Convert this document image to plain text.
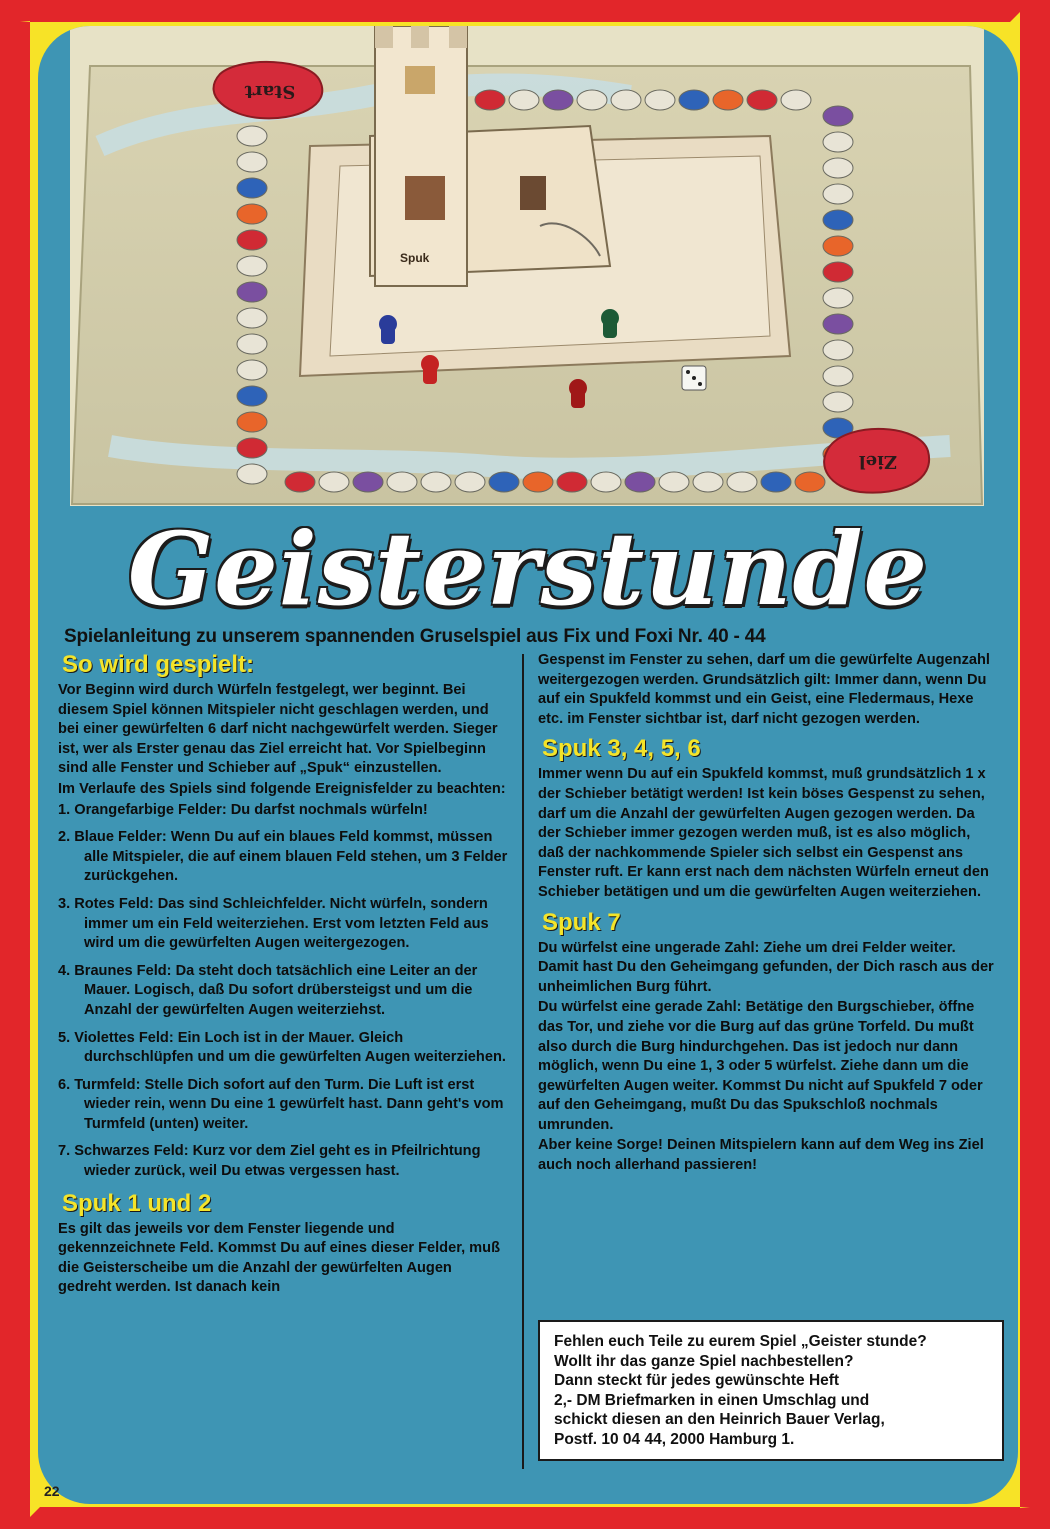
Spuk
Start
Ziel
Geisterstunde
Spielanleitung zu unserem spannenden Gruselspiel aus Fix und Foxi Nr. 40 - 44
So wird gespielt:
Vor Beginn wird durch Würfeln festgelegt, wer beginnt. Bei diesem Spiel können Mitspieler nicht geschlagen werden, und bei einer gewürfelten 6 darf nicht nachgewürfelt werden. Sieger ist, wer als Erster genau das Ziel erreicht hat. Vor Spielbeginn sind alle Fenster und Schieber auf „Spuk“ einzustellen.
Im Verlaufe des Spiels sind folgende Ereignisfelder zu beachten:
1. Orangefarbige Felder: Du darfst nochmals würfeln!
2. Blaue Felder: Wenn Du auf ein blaues Feld kommst, müssen alle Mitspieler, die auf einem blauen Feld stehen, um 3 Felder zurückgehen.
3. Rotes Feld: Das sind Schleichfelder. Nicht würfeln, sondern immer um ein Feld weiterziehen. Erst vom letzten Feld aus wird um die gewürfelten Augen weitergezogen.
4. Braunes Feld: Da steht doch tatsächlich eine Leiter an der Mauer. Logisch, daß Du sofort drübersteigst und um die Anzahl der gewürfelten Augen weiterziehst.
5. Violettes Feld: Ein Loch ist in der Mauer. Gleich durchschlüpfen und um die gewürfelten Augen weiterziehen.
6. Turmfeld: Stelle Dich sofort auf den Turm. Die Luft ist erst wieder rein, wenn Du eine 1 gewürfelt hast. Dann geht's vom Turmfeld (unten) weiter.
7. Schwarzes Feld: Kurz vor dem Ziel geht es in Pfeilrichtung wieder zurück, weil Du etwas vergessen hast.
Spuk 1 und 2
Es gilt das jeweils vor dem Fenster liegende und gekennzeichnete Feld. Kommst Du auf eines dieser Felder, muß die Geisterscheibe um die Anzahl der gewürfelten Augen gedreht werden. Ist danach kein
Gespenst im Fenster zu sehen, darf um die gewürfelte Augenzahl weitergezogen werden. Grundsätzlich gilt: Immer dann, wenn Du auf ein Spukfeld kommst und ein Geist, eine Fledermaus, Hexe etc. im Fenster sichtbar ist, darf nicht gezogen werden.
Spuk 3, 4, 5, 6
Immer wenn Du auf ein Spukfeld kommst, muß grundsätzlich 1 x der Schieber betätigt werden! Ist kein böses Gespenst zu sehen, darf um die Anzahl der gewürfelten Augen gezogen werden. Da der Schieber immer gezogen werden muß, ist es also möglich, daß der nachkommende Spieler sich selbst ein Gespenst ans Fenster ruft. Er kann erst nach dem nächsten Würfeln erneut den Schieber betätigen und um die gewürfelten Augen weiterziehen.
Spuk 7
Du würfelst eine ungerade Zahl: Ziehe um drei Felder weiter. Damit hast Du den Geheimgang gefunden, der Dich rasch aus der unheimlichen Burg führt.
Du würfelst eine gerade Zahl: Betätige den Burgschieber, öffne das Tor, und ziehe vor die Burg auf das grüne Torfeld. Du mußt also durch die Burg hindurchgehen. Das ist jedoch nur dann möglich, wenn Du eine 1, 3 oder 5 würfelst. Ziehe dann um die gewürfelten Augen weiter. Kommst Du nicht auf Spukfeld 7 oder auf den Geheimgang, mußt Du das Spukschloß nochmals umrunden.
Aber keine Sorge! Deinen Mitspielern kann auf dem Weg ins Ziel auch noch allerhand passieren!
Fehlen euch Teile zu eurem Spiel „Geister stunde?
Wollt ihr das ganze Spiel nachbestellen?
Dann steckt für jedes gewünschte Heft
2,- DM Briefmarken in einen Umschlag und
schickt diesen an den Heinrich Bauer Verlag,
Postf. 10 04 44, 2000 Hamburg 1.
22
